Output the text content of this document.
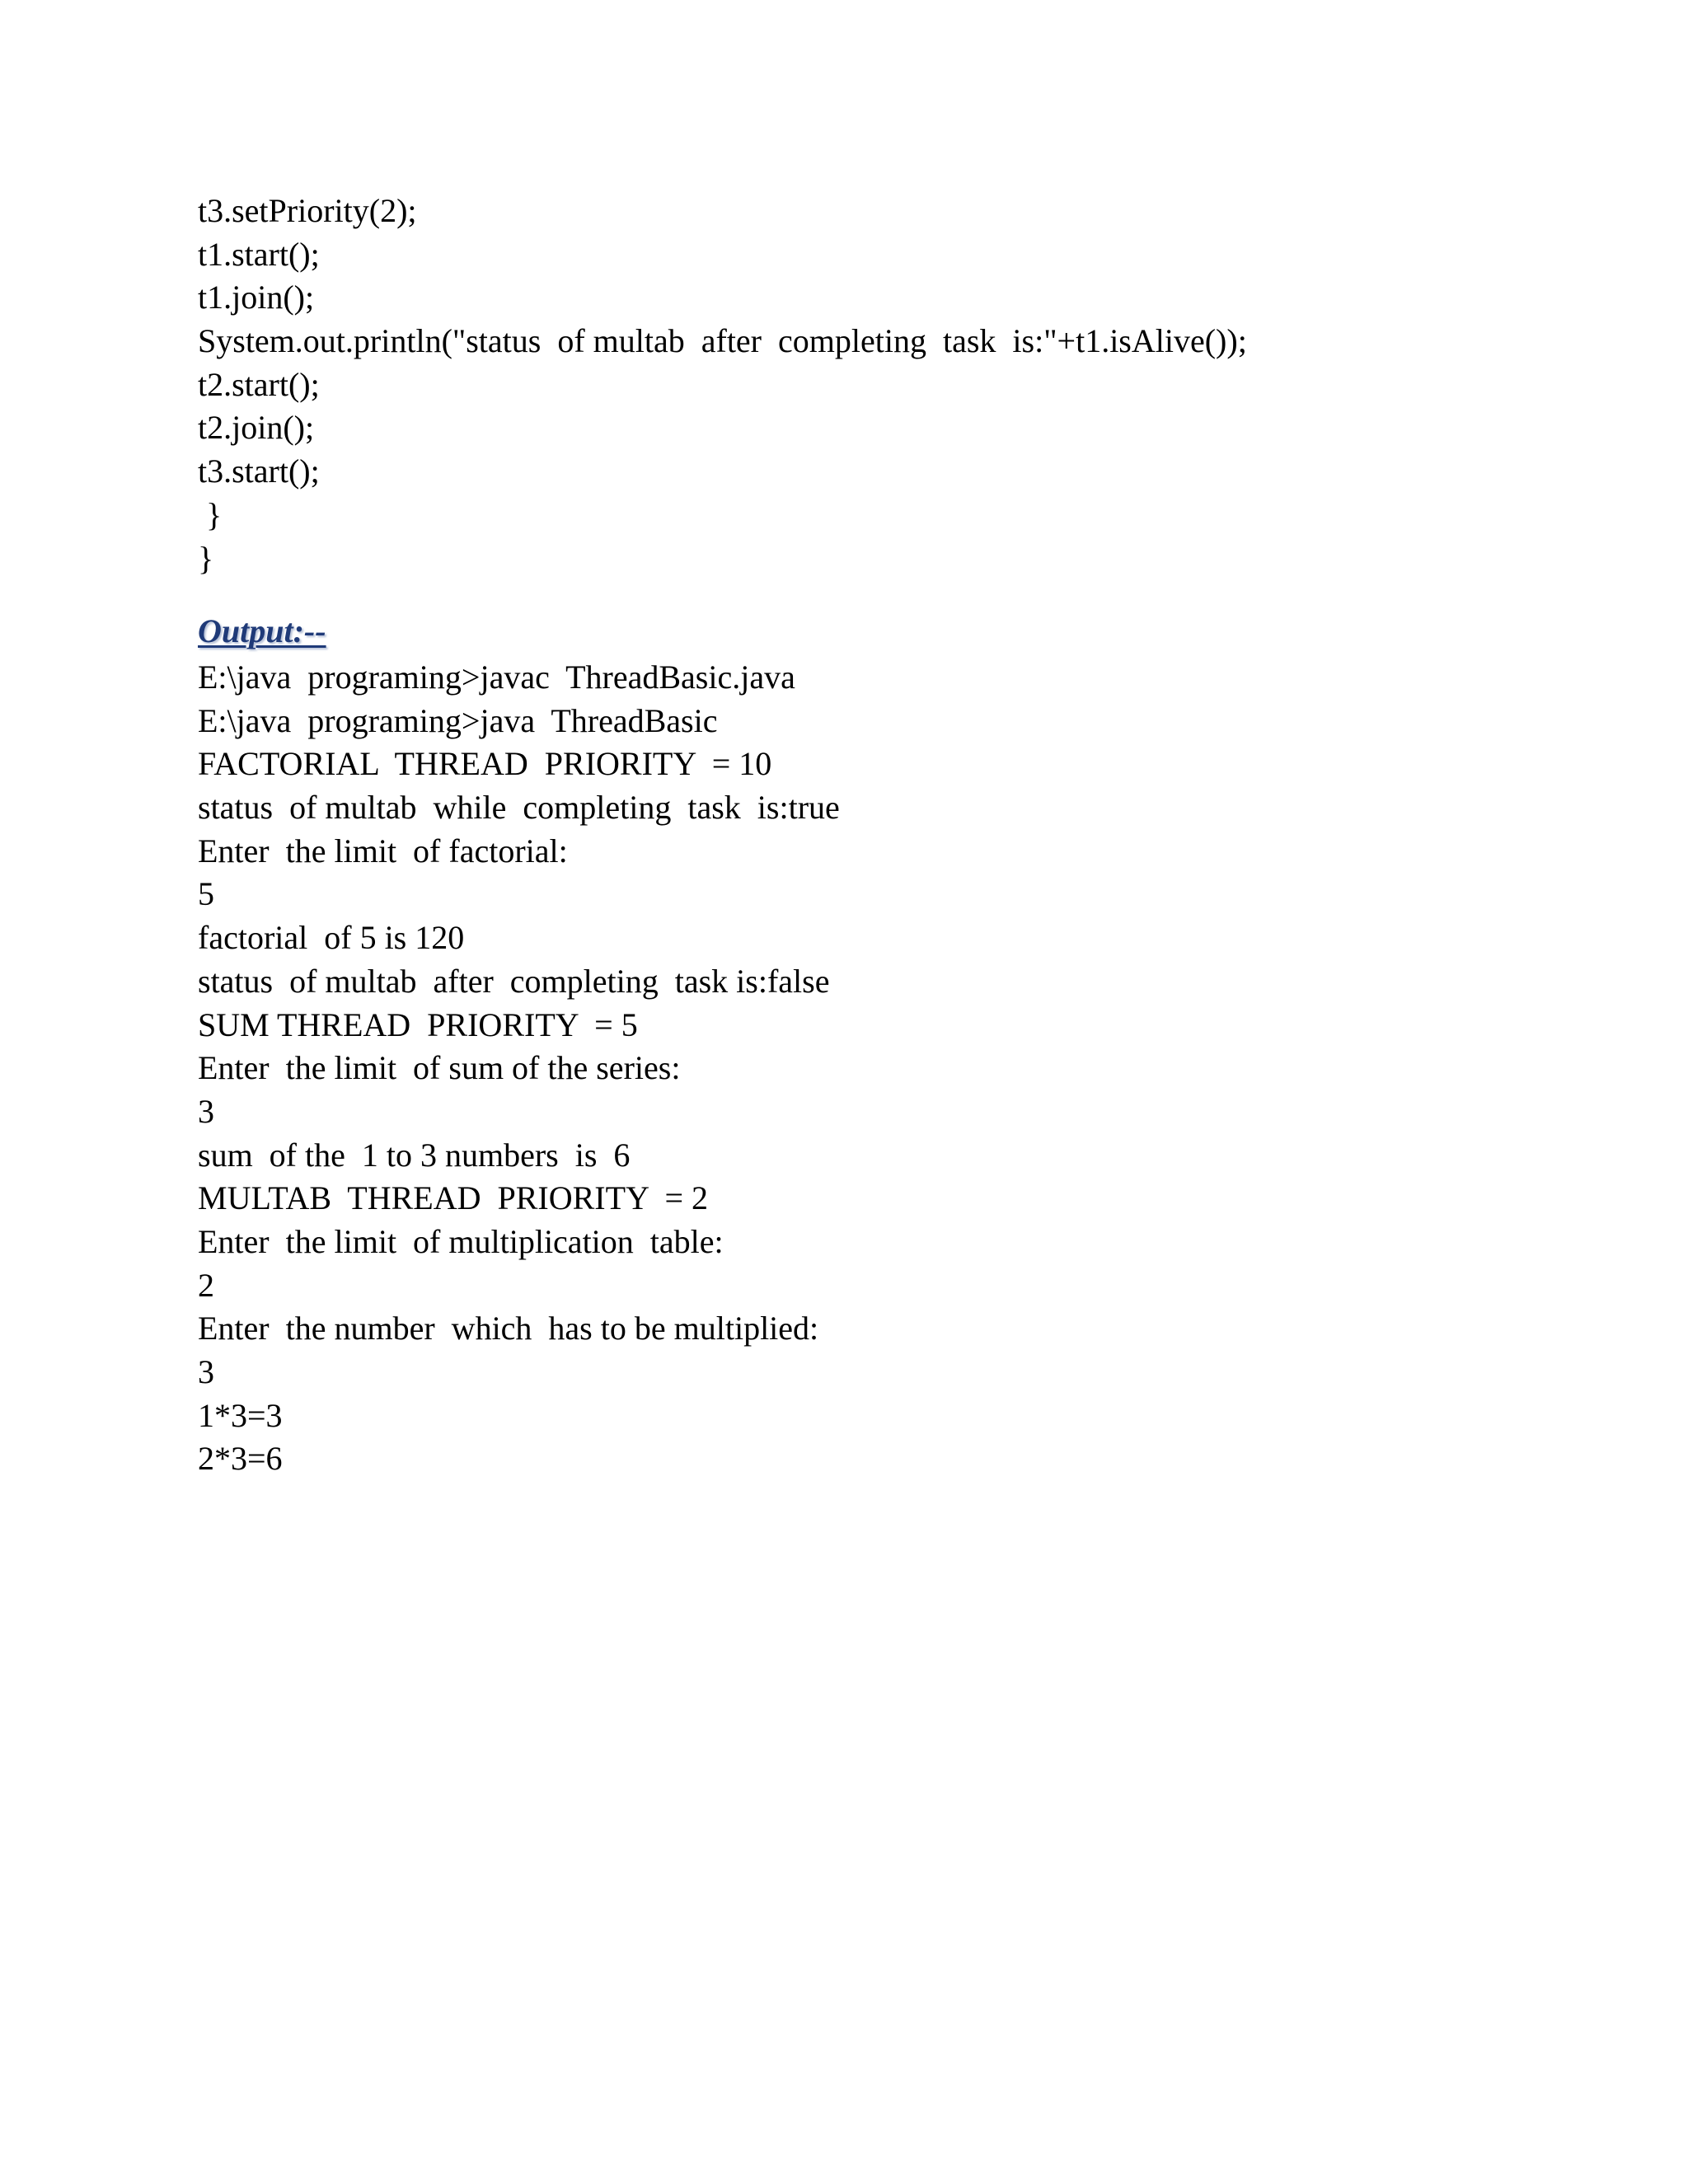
t3.setPriority(2);
t1.start();
t1.join();
System.out.println("status  of multab  after  completing  task  is:"+t1.isAlive());
t2.start();
t2.join();
t3.start();
}
}
Output:--
E:\java  programing>javac  ThreadBasic.java
E:\java  programing>java  ThreadBasic
FACTORIAL  THREAD  PRIORITY  = 10
status  of multab  while  completing  task  is:true
Enter  the limit  of factorial:
5
factorial  of 5 is 120
status  of multab  after  completing  task is:false
SUM THREAD  PRIORITY  = 5
Enter  the limit  of sum of the series:
3
sum  of the  1 to 3 numbers  is  6
MULTAB  THREAD  PRIORITY  = 2
Enter  the limit  of multiplication  table:
2
Enter  the number  which  has to be multiplied:
3
1*3=3
2*3=6
